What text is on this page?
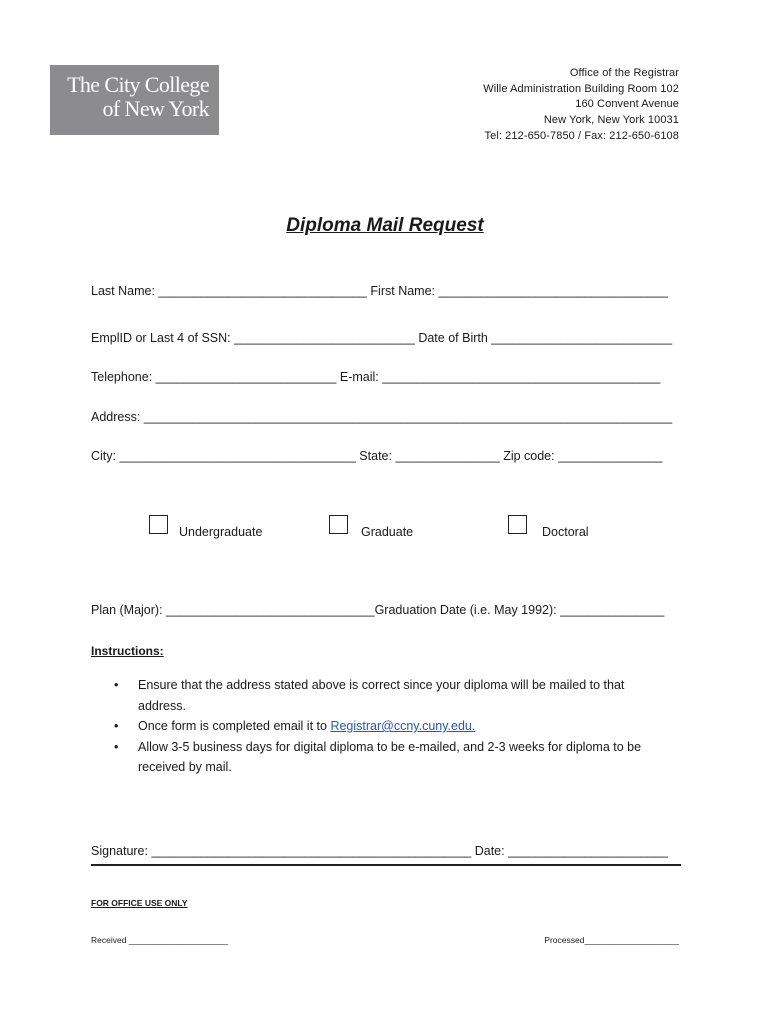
The City College
of New York
Office of the Registrar
Wille Administration Building Room 102
160 Convent Avenue
New York, New York 10031
Tel: 212-650-7850 / Fax: 212-650-6108
Diploma Mail Request
Last Name: ______________________________ First Name: _________________________________
EmplID or Last 4 of SSN: __________________________ Date of Birth __________________________
Telephone: __________________________ E-mail: ________________________________________
Address: ____________________________________________________________________________
City: __________________________________ State: _______________ Zip code: _______________
Undergraduate	Graduate	Doctoral
Plan (Major): ______________________________Graduation Date (i.e. May 1992): _______________
Instructions:
• Ensure that the address stated above is correct since your diploma will be mailed to that address.
• Once form is completed email it to Registrar@ccny.cuny.edu.
• Allow 3-5 business days for digital diploma to be e-mailed, and 2-3 weeks for diploma to be received by mail.
Signature: ______________________________________________ Date: _______________________
FOR OFFICE USE ONLY
Received _____________________	Processed____________________
